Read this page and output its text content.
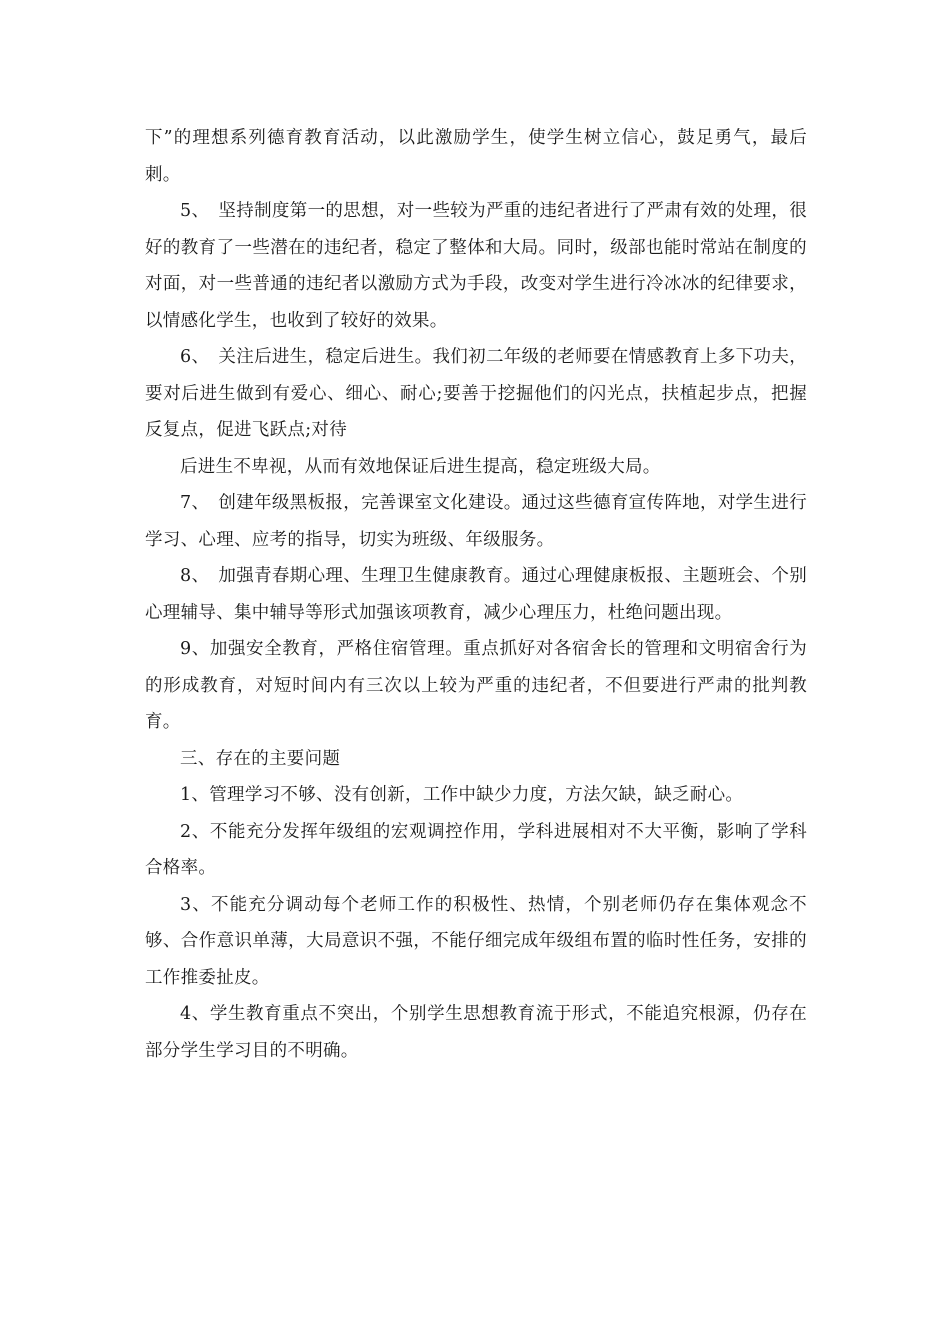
下”的理想系列德育教育活动，以此激励学生，使学生树立信心，鼓足勇气，最后刺。

5、　坚持制度第一的思想，对一些较为严重的违纪者进行了严肃有效的处理，很好的教育了一些潜在的违纪者，稳定了整体和大局。同时，级部也能时常站在制度的对面，对一些普通的违纪者以激励方式为手段，改变对学生进行冷冰冰的纪律要求，以情感化学生，也收到了较好的效果。

6、　关注后进生，稳定后进生。我们初二年级的老师要在情感教育上多下功夫，要对后进生做到有爱心、细心、耐心;要善于挖掘他们的闪光点，扶植起步点，把握反复点，促进飞跃点;对待

后进生不卑视，从而有效地保证后进生提高，稳定班级大局。

7、　创建年级黑板报，完善课室文化建设。通过这些德育宣传阵地，对学生进行学习、心理、应考的指导，切实为班级、年级服务。

8、　加强青春期心理、生理卫生健康教育。通过心理健康板报、主题班会、个别心理辅导、集中辅导等形式加强该项教育，减少心理压力，杜绝问题出现。

9、加强安全教育，严格住宿管理。重点抓好对各宿舍长的管理和文明宿舍行为的形成教育，对短时间内有三次以上较为严重的违纪者，不但要进行严肃的批判教育。

三、存在的主要问题

1、管理学习不够、没有创新，工作中缺少力度，方法欠缺，缺乏耐心。

2、不能充分发挥年级组的宏观调控作用，学科进展相对不大平衡，影响了学科合格率。

3、不能充分调动每个老师工作的积极性、热情，个别老师仍存在集体观念不够、合作意识单薄，大局意识不强，不能仔细完成年级组布置的临时性任务，安排的工作推委扯皮。

4、学生教育重点不突出，个别学生思想教育流于形式，不能追究根源，仍存在部分学生学习目的不明确。
